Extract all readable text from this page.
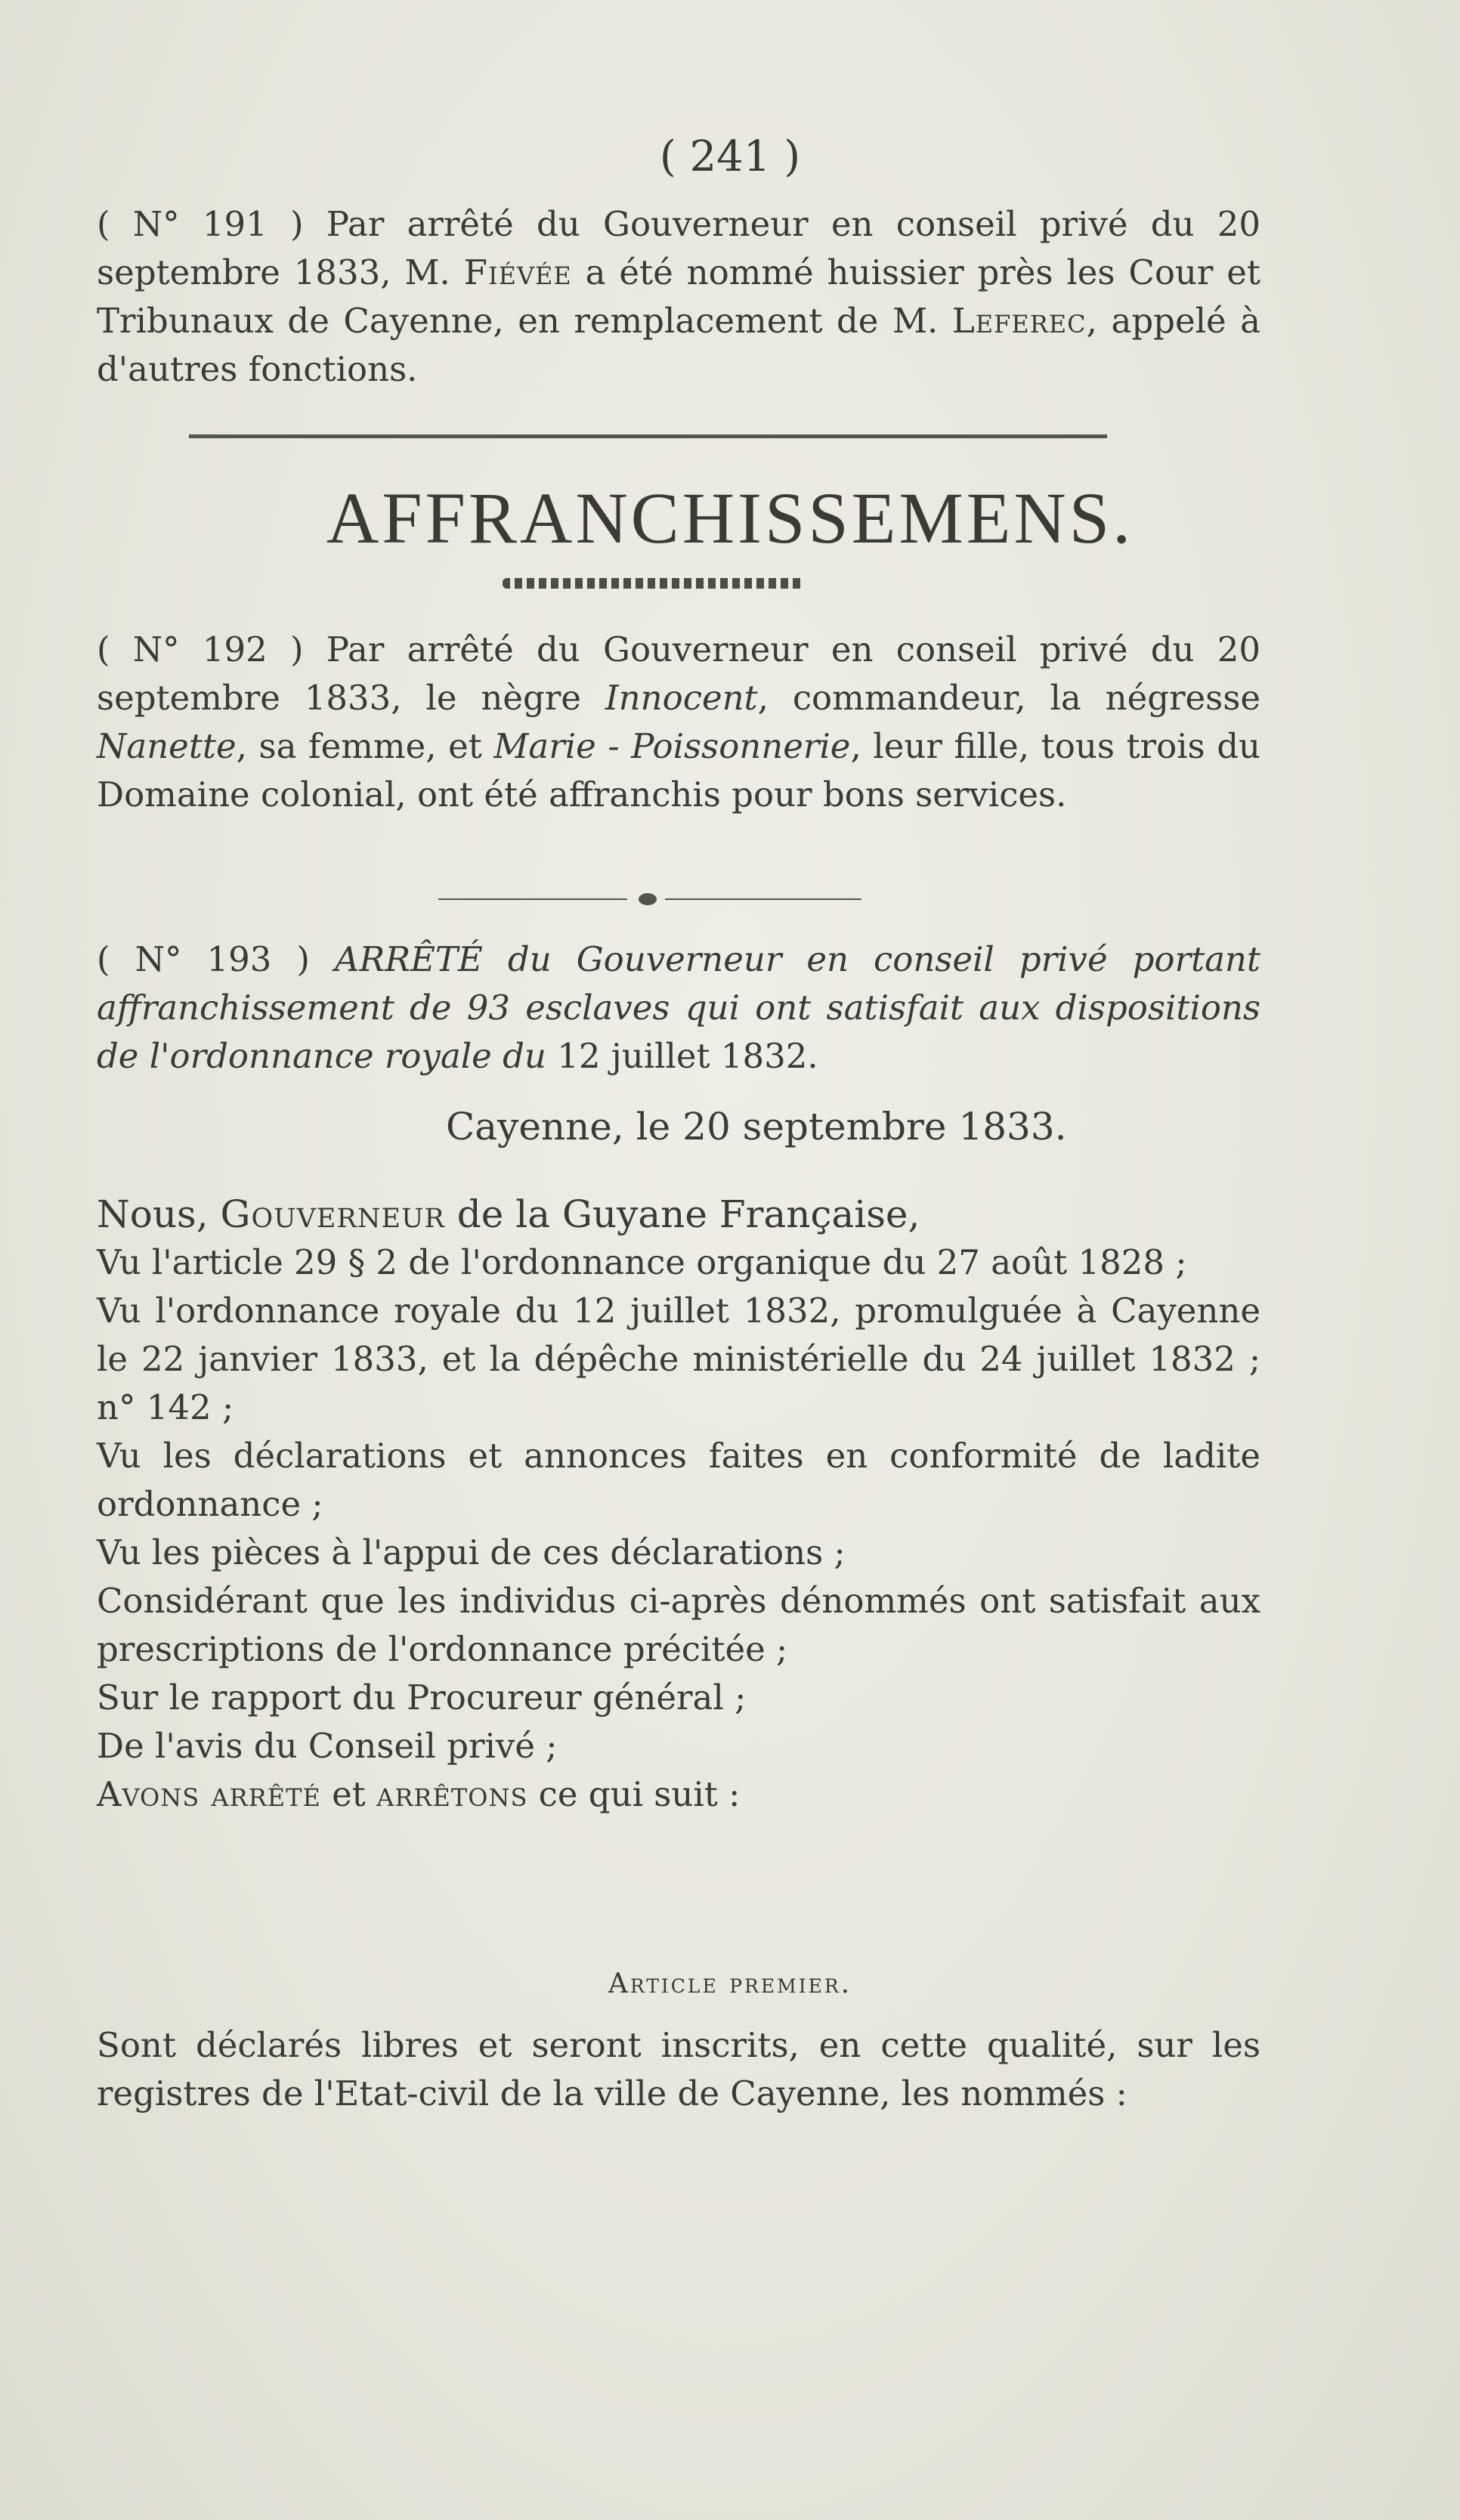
( 241 )

( N° 191 ) Par arrêté du Gouverneur en conseil privé du 20 septembre 1833, M. Fiévée a été nommé huissier près les Cour et Tribunaux de Cayenne, en remplacement de M. Leferec, appelé à d'autres fonctions.

AFFRANCHISSEMENS.

( N° 192 ) Par arrêté du Gouverneur en conseil privé du 20 septembre 1833, le nègre Innocent, commandeur, la négresse Nanette, sa femme, et Marie - Poissonnerie, leur fille, tous trois du Domaine colonial, ont été affranchis pour bons services.

( N° 193 ) ARRÊTÉ du Gouverneur en conseil privé portant affranchissement de 93 esclaves qui ont satisfait aux dispositions de l'ordonnance royale du 12 juillet 1832.

Cayenne, le 20 septembre 1833.

Nous, Gouverneur de la Guyane Française,

Vu l'article 29 § 2 de l'ordonnance organique du 27 août 1828 ;

Vu l'ordonnance royale du 12 juillet 1832, promulguée à Cayenne le 22 janvier 1833, et la dépêche ministérielle du 24 juillet 1832 ; n° 142 ;

Vu les déclarations et annonces faites en conformité de ladite ordonnance ;

Vu les pièces à l'appui de ces déclarations ;

Considérant que les individus ci-après dénommés ont satisfait aux prescriptions de l'ordonnance précitée ;

Sur le rapport du Procureur général ;

De l'avis du Conseil privé ;

Avons arrêté et arrêtons ce qui suit :

Article premier.

Sont déclarés libres et seront inscrits, en cette qualité, sur les registres de l'Etat-civil de la ville de Cayenne, les nommés :
